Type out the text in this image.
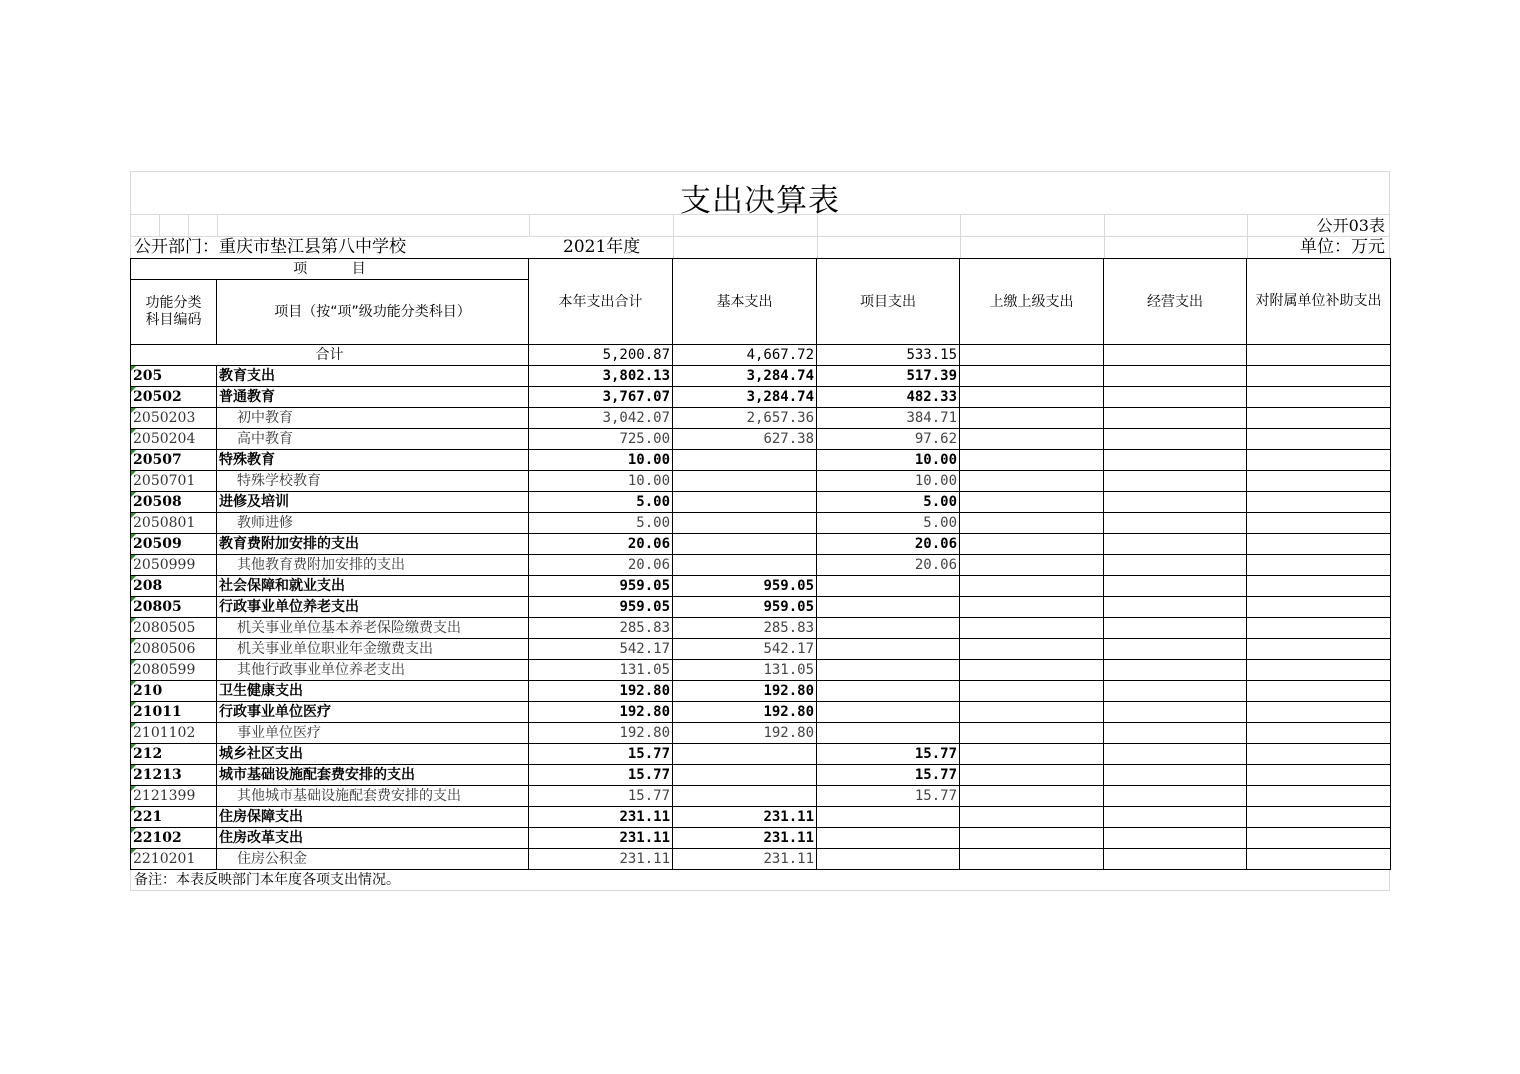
支出决算表
公开03表
公开部门：重庆市垫江县第八中学校	2021年度	单位：万元
项          目		本年支出合计	基本支出	项目支出	上缴上级支出	经营支出	对附属单位补助支出
功能分类科目编码	项目（按“项”级功能分类科目）						
合计		5,200.87	4,667.72	533.15			

205	教育支出	3,802.13	3,284.74	517.39			

20502	普通教育	3,767.07	3,284.74	482.33			

2050203	初中教育	3,042.07	2,657.36	384.71			

2050204	高中教育	725.00	627.38	97.62			

20507	特殊教育	10.00		10.00			

2050701	特殊学校教育	10.00		10.00			

20508	进修及培训	5.00		5.00			

2050801	教师进修	5.00		5.00			

20509	教育费附加安排的支出	20.06		20.06			

2050999	其他教育费附加安排的支出	20.06		20.06			

208	社会保障和就业支出	959.05	959.05				

20805	行政事业单位养老支出	959.05	959.05				

2080505	机关事业单位基本养老保险缴费支出	285.83	285.83				

2080506	机关事业单位职业年金缴费支出	542.17	542.17				

2080599	其他行政事业单位养老支出	131.05	131.05				

210	卫生健康支出	192.80	192.80				

21011	行政事业单位医疗	192.80	192.80				

2101102	事业单位医疗	192.80	192.80				

212	城乡社区支出	15.77		15.77			

21213	城市基础设施配套费安排的支出	15.77		15.77			

2121399	其他城市基础设施配套费安排的支出	15.77		15.77			

221	住房保障支出	231.11	231.11				

22102	住房改革支出	231.11	231.11				

2210201	住房公积金	231.11	231.11				
备注：本表反映部门本年度各项支出情况。
